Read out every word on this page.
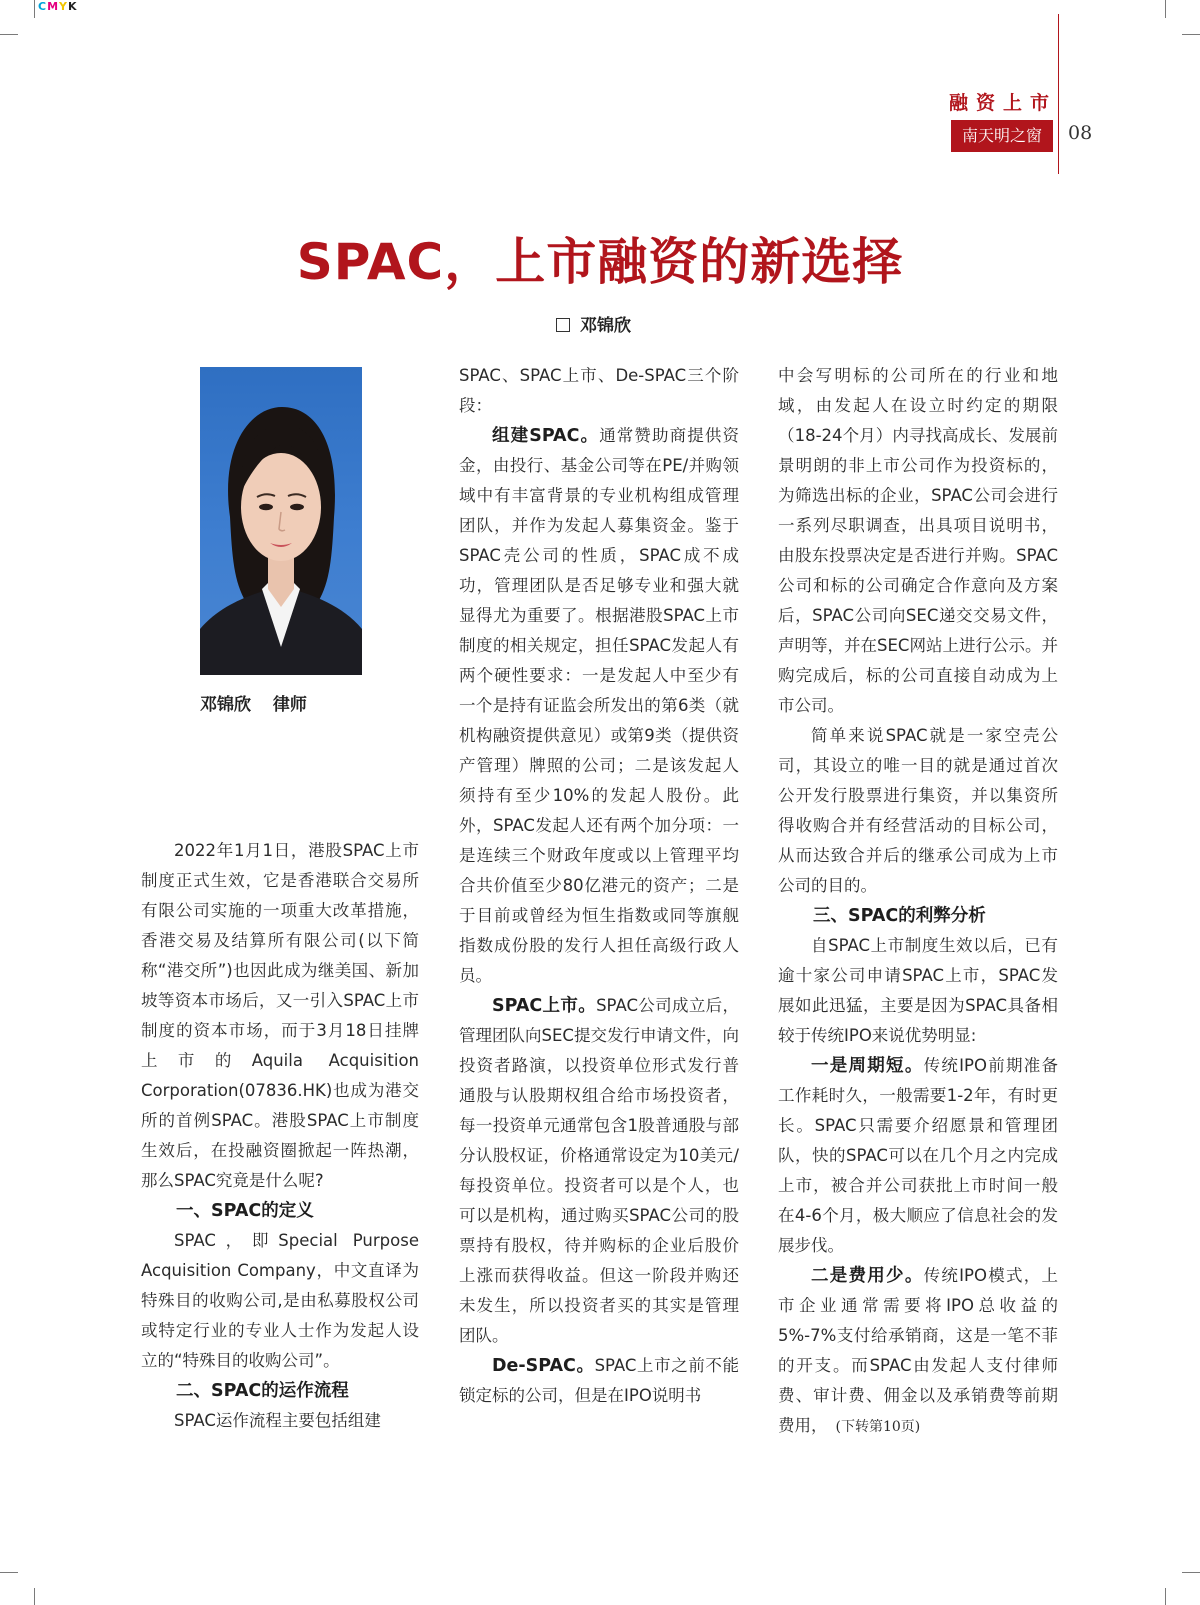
CMYK
融资上市
南天明之窗	08
SPAC，上市融资的新选择
邓锦欣
邓锦欣 律师

2022年1月1日，港股SPAC上市制度正式生效，它是香港联合交易所有限公司实施的一项重大改革措施，香港交易及结算所有限公司(以下简称“港交所”)也因此成为继美国、新加坡等资本市场后，又一引入SPAC上市制度的资本市场，而于3月18日挂牌上市的Aquila Acquisition Corporation(07836.HK)也成为港交所的首例SPAC。港股SPAC上市制度生效后，在投融资圈掀起一阵热潮，那么SPAC究竟是什么呢?

一、SPAC的定义

SPAC，即Special Purpose Acquisition Company，中文直译为特殊目的收购公司,是由私募股权公司或特定行业的专业人士作为发起人设立的“特殊目的收购公司”。

二、SPAC的运作流程

SPAC运作流程主要包括组建

SPAC、SPAC上市、De-SPAC三个阶段：

组建SPAC。通常赞助商提供资金，由投行、基金公司等在PE/并购领域中有丰富背景的专业机构组成管理团队，并作为发起人募集资金。鉴于SPAC壳公司的性质，SPAC成不成功，管理团队是否足够专业和强大就显得尤为重要了。根据港股SPAC上市制度的相关规定，担任SPAC发起人有两个硬性要求：一是发起人中至少有一个是持有证监会所发出的第6类（就机构融资提供意见）或第9类（提供资产管理）牌照的公司；二是该发起人须持有至少10%的发起人股份。此外，SPAC发起人还有两个加分项：一是连续三个财政年度或以上管理平均合共价值至少80亿港元的资产；二是于目前或曾经为恒生指数或同等旗舰指数成份股的发行人担任高级行政人员。

SPAC上市。SPAC公司成立后，管理团队向SEC提交发行申请文件，向投资者路演，以投资单位形式发行普通股与认股期权组合给市场投资者，每一投资单元通常包含1股普通股与部分认股权证，价格通常设定为10美元/每投资单位。投资者可以是个人，也可以是机构，通过购买SPAC公司的股票持有股权，待并购标的企业后股价上涨而获得收益。但这一阶段并购还未发生，所以投资者买的其实是管理团队。

De-SPAC。SPAC上市之前不能锁定标的公司，但是在IPO说明书

中会写明标的公司所在的行业和地域，由发起人在设立时约定的期限（18-24个月）内寻找高成长、发展前景明朗的非上市公司作为投资标的，为筛选出标的企业，SPAC公司会进行一系列尽职调查，出具项目说明书，由股东投票决定是否进行并购。SPAC公司和标的公司确定合作意向及方案后，SPAC公司向SEC递交交易文件，声明等，并在SEC网站上进行公示。并购完成后，标的公司直接自动成为上市公司。

简单来说SPAC就是一家空壳公司，其设立的唯一目的就是通过首次公开发行股票进行集资，并以集资所得收购合并有经营活动的目标公司，从而达致合并后的继承公司成为上市公司的目的。

三、SPAC的利弊分析

自SPAC上市制度生效以后，已有逾十家公司申请SPAC上市，SPAC发展如此迅猛，主要是因为SPAC具备相较于传统IPO来说优势明显:

一是周期短。传统IPO前期准备工作耗时久，一般需要1-2年，有时更长。SPAC只需要介绍愿景和管理团队，快的SPAC可以在几个月之内完成上市，被合并公司获批上市时间一般在4-6个月，极大顺应了信息社会的发展步伐。

二是费用少。传统IPO模式，上市企业通常需要将IPO总收益的5%-7%支付给承销商，这是一笔不菲的开支。而SPAC由发起人支付律师费、审计费、佣金以及承销费等前期费用， (下转第10页)
